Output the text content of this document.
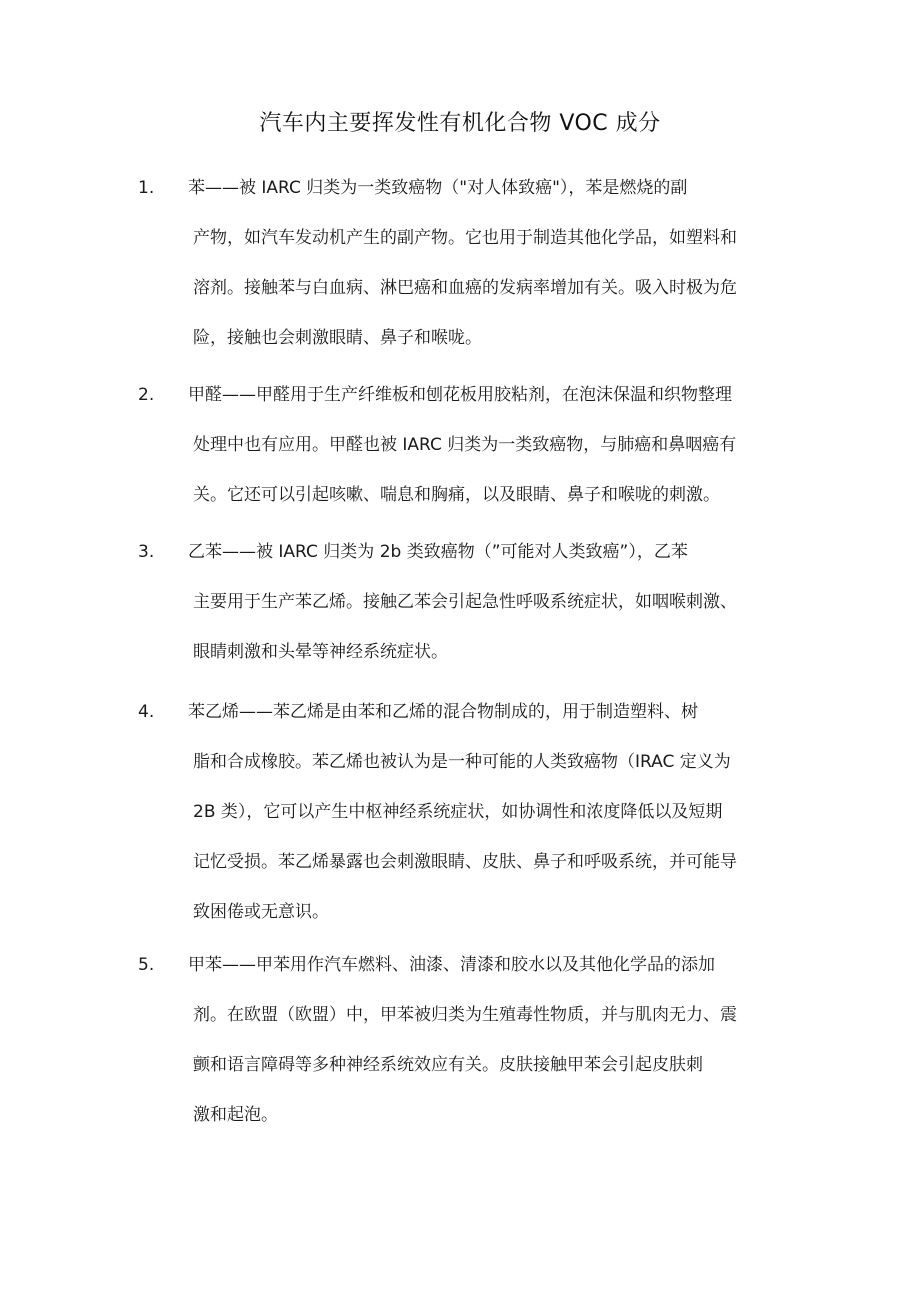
汽车内主要挥发性有机化合物 VOC 成分
1. 苯——被 IARC 归类为一类致癌物（"对人体致癌"），苯是燃烧的副
产物，如汽车发动机产生的副产物。它也用于制造其他化学品，如塑料和
溶剂。接触苯与白血病、淋巴癌和血癌的发病率增加有关。吸入时极为危
险，接触也会刺激眼睛、鼻子和喉咙。
2. 甲醛——甲醛用于生产纤维板和刨花板用胶粘剂，在泡沫保温和织物整理
处理中也有应用。甲醛也被 IARC 归类为一类致癌物，与肺癌和鼻咽癌有
关。它还可以引起咳嗽、喘息和胸痛，以及眼睛、鼻子和喉咙的刺激。
3. 乙苯——被 IARC 归类为 2b 类致癌物（”可能对人类致癌”），乙苯
主要用于生产苯乙烯。接触乙苯会引起急性呼吸系统症状，如咽喉刺激、
眼睛刺激和头晕等神经系统症状。
4. 苯乙烯——苯乙烯是由苯和乙烯的混合物制成的，用于制造塑料、树
脂和合成橡胶。苯乙烯也被认为是一种可能的人类致癌物（IRAC 定义为
2B 类），它可以产生中枢神经系统症状，如协调性和浓度降低以及短期
记忆受损。苯乙烯暴露也会刺激眼睛、皮肤、鼻子和呼吸系统，并可能导
致困倦或无意识。
5. 甲苯——甲苯用作汽车燃料、油漆、清漆和胶水以及其他化学品的添加
剂。在欧盟（欧盟）中，甲苯被归类为生殖毒性物质，并与肌肉无力、震
颤和语言障碍等多种神经系统效应有关。皮肤接触甲苯会引起皮肤刺
激和起泡。
